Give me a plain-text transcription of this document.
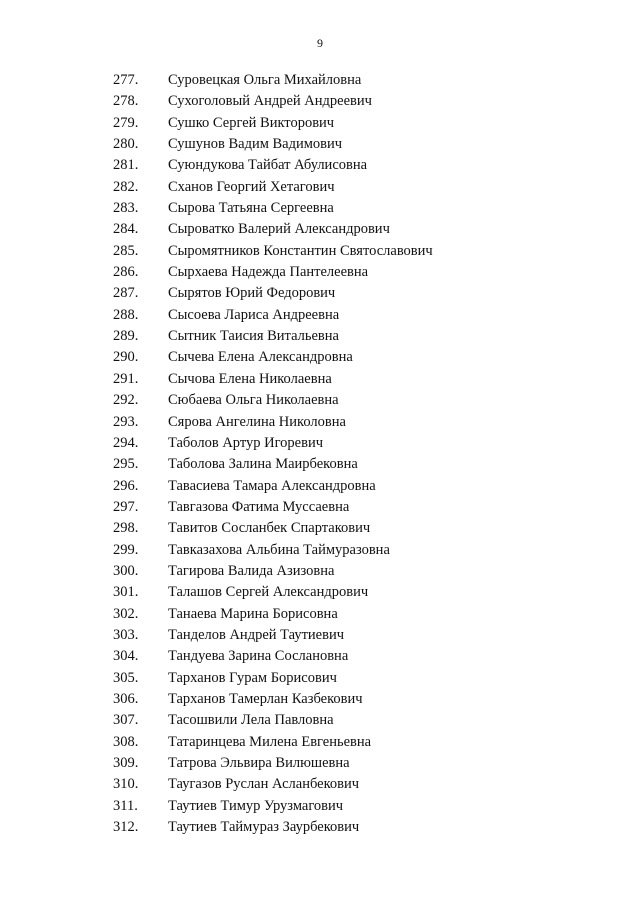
9
277. Суровецкая Ольга Михайловна
278. Сухоголовый Андрей Андреевич
279. Сушко Сергей Викторович
280. Сушунов Вадим Вадимович
281. Суюндукова Тайбат Абулисовна
282. Сханов Георгий Хетагович
283. Сырова Татьяна Сергеевна
284. Сыроватко Валерий Александрович
285. Сыромятников Константин Святославович
286. Сырхаева Надежда Пантелеевна
287. Сырятов Юрий Федорович
288. Сысоева Лариса Андреевна
289. Сытник Таисия Витальевна
290. Сычева Елена Александровна
291. Сычова Елена Николаевна
292. Сюбаева Ольга Николаевна
293. Сярова Ангелина Николовна
294. Таболов Артур Игоревич
295. Таболова Залина Маирбековна
296. Тавасиева Тамара Александровна
297. Тавгазова Фатима Муссаевна
298. Тавитов Сосланбек Спартакович
299. Тавказахова Альбина Таймуразовна
300. Тагирова Валида Азизовна
301. Талашов Сергей Александрович
302. Танаева Марина Борисовна
303. Танделов Андрей Таутиевич
304. Тандуева Зарина Сослановна
305. Тарханов Гурам Борисович
306. Тарханов Тамерлан Казбекович
307. Тасошвили Лела Павловна
308. Татаринцева Милена Евгеньевна
309. Татрова Эльвира Вилюшевна
310. Таугазов Руслан Асланбекович
311. Таутиев Тимур Урузмагович
312. Таутиев Таймураз Заурбекович
